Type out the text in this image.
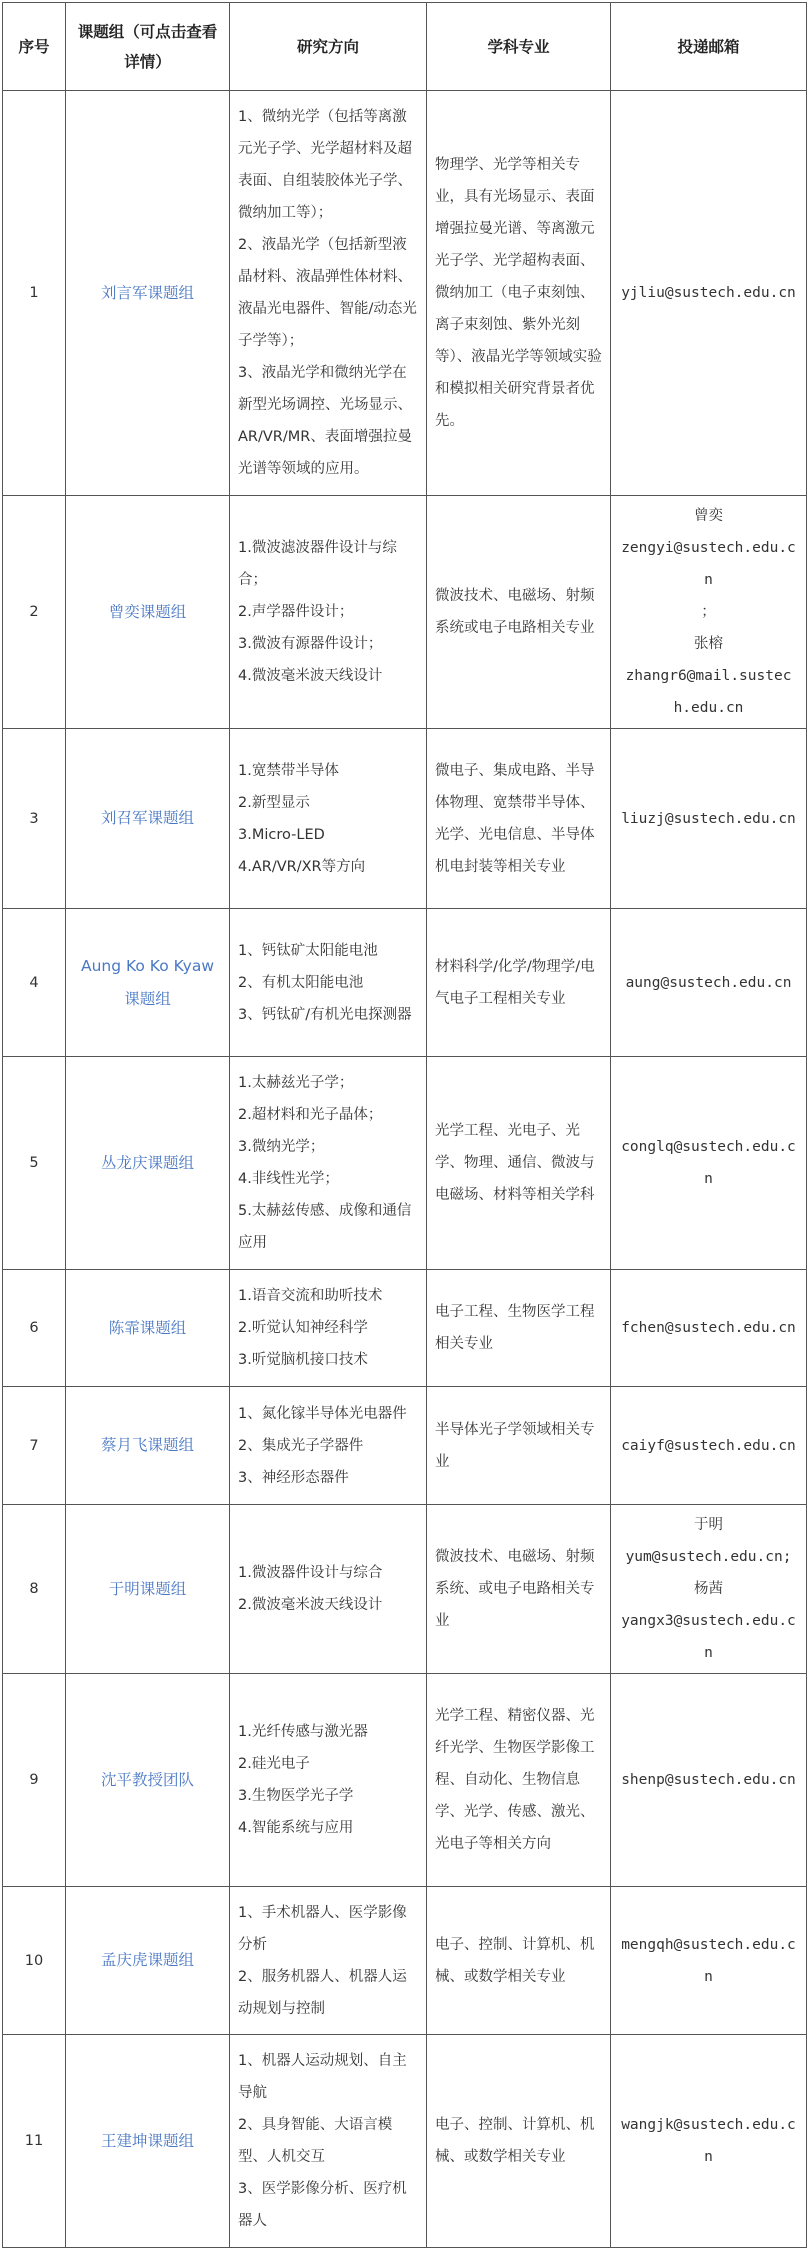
序号	课题组（可点击查看详情）	研究方向	学科专业	投递邮箱
1	刘言军课题组	1、微纳光学（包括等离激元光子学、光学超材料及超表面、自组装胶体光子学、微纳加工等）；
2、液晶光学（包括新型液晶材料、液晶弹性体材料、液晶光电器件、智能/动态光子学等）；
3、液晶光学和微纳光学在新型光场调控、光场显示、AR/VR/MR、表面增强拉曼光谱等领域的应用。	物理学、光学等相关专业，具有光场显示、表面增强拉曼光谱、等离激元光子学、光学超构表面、微纳加工（电子束刻蚀、离子束刻蚀、紫外光刻等）、液晶光学等领域实验和模拟相关研究背景者优先。	yjliu@sustech.edu.cn

2	曾奕课题组	1.微波滤波器件设计与综合；
2.声学器件设计；
3.微波有源器件设计；
4.微波毫米波天线设计	微波技术、电磁场、射频系统或电子电路相关专业	曾奕
zengyi@sustech.edu.cn
；
张榕
zhangr6@mail.sustech.edu.cn

3	刘召军课题组	1.宽禁带半导体
2.新型显示
3.Micro-LED
4.AR/VR/XR等方向	微电子、集成电路、半导体物理、宽禁带半导体、光学、光电信息、半导体机电封装等相关专业	liuzj@sustech.edu.cn

4	Aung Ko Ko Kyaw课题组	1、钙钛矿太阳能电池
2、有机太阳能电池
3、钙钛矿/有机光电探测器	材料科学/化学/物理学/电气电子工程相关专业	aung@sustech.edu.cn

5	丛龙庆课题组	1.太赫兹光子学；
2.超材料和光子晶体；
3.微纳光学；
4.非线性光学；
5.太赫兹传感、成像和通信应用	光学工程、光电子、光学、物理、通信、微波与电磁场、材料等相关学科	conglq@sustech.edu.cn

6	陈霏课题组	1.语音交流和助听技术
2.听觉认知神经科学
3.听觉脑机接口技术	电子工程、生物医学工程相关专业	fchen@sustech.edu.cn

7	蔡月飞课题组	1、氮化镓半导体光电器件
2、集成光子学器件
3、神经形态器件	半导体光子学领域相关专业	caiyf@sustech.edu.cn

8	于明课题组	1.微波器件设计与综合
2.微波毫米波天线设计	微波技术、电磁场、射频系统、或电子电路相关专业	于明
yum@sustech.edu.cn;
杨茜
yangx3@sustech.edu.cn

9	沈平教授团队	1.光纤传感与激光器
2.硅光电子
3.生物医学光子学
4.智能系统与应用	光学工程、精密仪器、光纤光学、生物医学影像工程、自动化、生物信息学、光学、传感、激光、光电子等相关方向	shenp@sustech.edu.cn

10	孟庆虎课题组	1、手术机器人、医学影像分析
2、服务机器人、机器人运动规划与控制	电子、控制、计算机、机械、或数学相关专业	mengqh@sustech.edu.cn

11	王建坤课题组	1、机器人运动规划、自主导航
2、具身智能、大语言模型、人机交互
3、医学影像分析、医疗机器人	电子、控制、计算机、机械、或数学相关专业	wangjk@sustech.edu.cn
